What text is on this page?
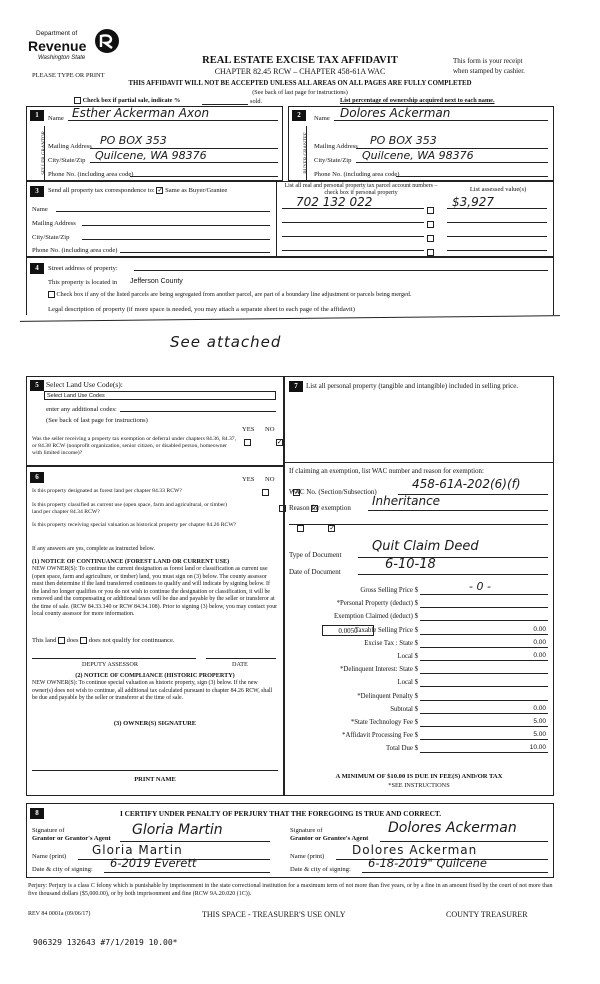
Department of
Revenue
Washington State	REAL ESTATE EXCISE TAX AFFIDAVIT
CHAPTER 82.45 RCW – CHAPTER 458-61A WAC
PLEASE TYPE OR PRINT
This form is your receipt
when stamped by cashier.
THIS AFFIDAVIT WILL NOT BE ACCEPTED UNLESS ALL AREAS ON ALL PAGES ARE FULLY COMPLETED
(See back of last page for instructions)
Check box if partial sale, indicate %	sold.	List percentage of ownership acquired next to each name.
1	2
SELLER GRANTOR	BUYER GRANTEE
Name Esther Ackerman Axon
Mailing Address PO BOX 353
City/State/Zip Quilcene, WA 98376
Phone No. (including area code)
Name Dolores Ackerman
Mailing Address PO BOX 353
City/State/Zip Quilcene, WA 98376
Phone No. (including area code)
3	Send all property tax correspondence to: ✓ Same as Buyer/Grantee
Name
Mailing Address
City/State/Zip
Phone No. (including area code)
List all real and personal property tax parcel account numbers – check box if personal property	List assessed value(s)
702 132 022	$3,927
4	Street address of property:
This property is located in Jefferson County
Check box if any of the listed parcels are being segregated from another parcel, are part of a boundary line adjustment or parcels being merged.
Legal description of property (if more space is needed, you may attach a separate sheet to each page of the affidavit)
See attached
5 Select Land Use Code(s):
Select Land Use Codes
enter any additional codes:
(See back of last page for instructions)
YES NO
Was the seller receiving a property tax exemption or deferral under chapters 84.36, 84.37, or 84.38 RCW (nonprofit organization, senior citizen, or disabled person, homeowner with limited income)?
✓
6	YES NO
Is this property designated as forest land per chapter 84.33 RCW?
✓
Is this property classified as current use (open space, farm and agricultural, or timber) land per chapter 84.34 RCW?
✓
Is this property receiving special valuation as historical property per chapter 84.26 RCW?
✓
If any answers are yes, complete as instructed below.
(1) NOTICE OF CONTINUANCE (FOREST LAND OR CURRENT USE)
NEW OWNER(S): To continue the current designation as forest land or classification as current use (open space, farm and agriculture, or timber) land, you must sign on (3) below. The county assessor must then determine if the land transferred continues to qualify and will indicate by signing below. If the land no longer qualifies or you do not wish to continue the designation or classification, it will be removed and the compensating or additional taxes will be due and payable by the seller or transferor at the time of sale. (RCW 84.33.140 or RCW 84.34.108). Prior to signing (3) below, you may contact your local county assessor for more information.
This land does does not qualify for continuance.
DEPUTY ASSESSOR	DATE
(2) NOTICE OF COMPLIANCE (HISTORIC PROPERTY)
NEW OWNER(S): To continue special valuation as historic property, sign (3) below. If the new owner(s) does not wish to continue, all additional tax calculated pursuant to chapter 84.26 RCW, shall be due and payable by the seller or transferor at the time of sale.
(3) OWNER(S) SIGNATURE
PRINT NAME
7	List all personal property (tangible and intangible) included in selling price.
If claiming an exemption, list WAC number and reason for exemption:
WAC No. (Section/Subsection)
458-61A-202(6)(f)
Reason for exemption Inheritance
Type of Document
Quit Claim Deed
Date of Document	6-10-18
Gross Selling Price $	- 0 -
*Personal Property (deduct) $
Exemption Claimed (deduct) $
Taxable Selling Price $	0.00
Excise Tax : State $	0.00
Local $	0.00
*Delinquent Interest: State $
Local $
*Delinquent Penalty $
Subtotal $	0.00
*State Technology Fee $	5.00
*Affidavit Processing Fee $	5.00
Total Due $	10.00
0.0050
A MINIMUM OF $10.00 IS DUE IN FEE(S) AND/OR TAX
*SEE INSTRUCTIONS
8	I CERTIFY UNDER PENALTY OF PERJURY THAT THE FOREGOING IS TRUE AND CORRECT.
Signature of
Grantor or Grantor's Agent
Gloria Martin
Name (print) Gloria Martin
Date & city of signing: 6-2019 Everett
Signature of
Grantor or Grantee's Agent
Dolores Ackerman
Name (print) Dolores Ackerman
Date & city of signing: 6-18-2019" Quilcene
Perjury: Perjury is a class C felony which is punishable by imprisonment in the state correctional institution for a maximum term of not more than five years, or by a fine in an amount fixed by the court of not more than five thousand dollars ($5,000.00), or by both imprisonment and fine (RCW 9A.20.020 (1C)).
REV 84 0001a (09/06/17)	THIS SPACE - TREASURER'S USE ONLY	COUNTY TREASURER
906329 132643 #7/1/2019 10.00*
